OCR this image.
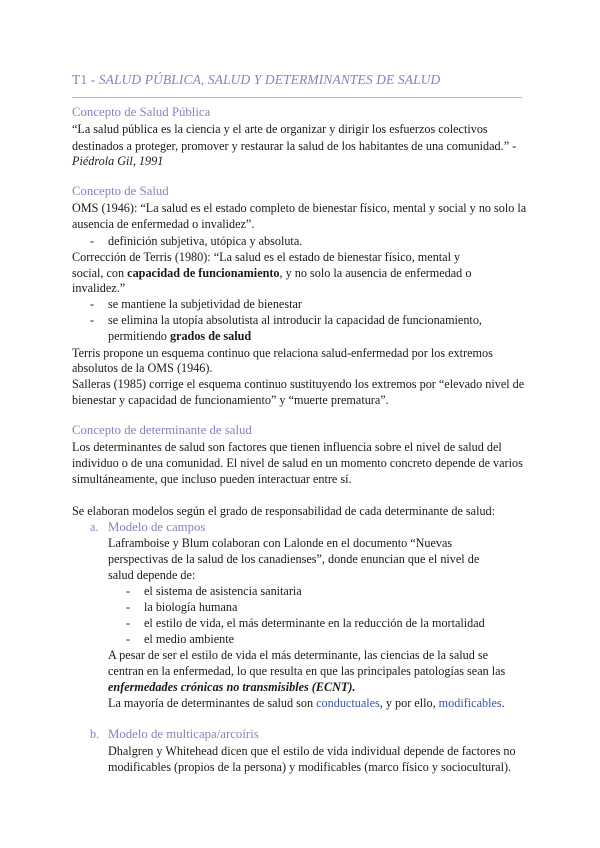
T1 - SALUD PÚBLICA, SALUD Y DETERMINANTES DE SALUD
Concepto de Salud Pública
“La salud pública es la ciencia y el arte de organizar y dirigir los esfuerzos colectivos
destinados a proteger, promover y restaurar la salud de los habitantes de una comunidad.” -
Piédrola Gil, 1991
Concepto de Salud
OMS (1946): “La salud es el estado completo de bienestar físico, mental y social y no solo la
ausencia de enfermedad o invalidez”.
- definición subjetiva, utópica y absoluta.
Corrección de Terris (1980): “La salud es el estado de bienestar físico, mental y
social, con capacidad de funcionamiento, y no solo la ausencia de enfermedad o
invalidez.”
- se mantiene la subjetividad de bienestar
- se elimina la utopía absolutista al introducir la capacidad de funcionamiento,
permitiendo grados de salud
Terris propone un esquema continuo que relaciona salud-enfermedad por los extremos
absolutos de la OMS (1946).
Salleras (1985) corrige el esquema continuo sustituyendo los extremos por “elevado nivel de
bienestar y capacidad de funcionamiento” y “muerte prematura”.
Concepto de determinante de salud
Los determinantes de salud son factores que tienen influencia sobre el nivel de salud del
individuo o de una comunidad. El nivel de salud en un momento concreto depende de varios
simultáneamente, que incluso pueden interactuar entre sí.
Se elaboran modelos según el grado de responsabilidad de cada determinante de salud:
a. Modelo de campos
Laframboise y Blum colaboran con Lalonde en el documento “Nuevas
perspectivas de la salud de los canadienses”, donde enuncian que el nivel de
salud depende de:
- el sistema de asistencia sanitaria
- la biología humana
- el estilo de vida, el más determinante en la reducción de la mortalidad
- el medio ambiente
A pesar de ser el estilo de vida el más determinante, las ciencias de la salud se
centran en la enfermedad, lo que resulta en que las principales patologías sean las
enfermedades crónicas no transmisibles (ECNT).
La mayoría de determinantes de salud son conductuales, y por ello, modificables.
b. Modelo de multicapa/arcoíris
Dhalgren y Whitehead dicen que el estilo de vida individual depende de factores no
modificables (propios de la persona) y modificables (marco físico y sociocultural).
